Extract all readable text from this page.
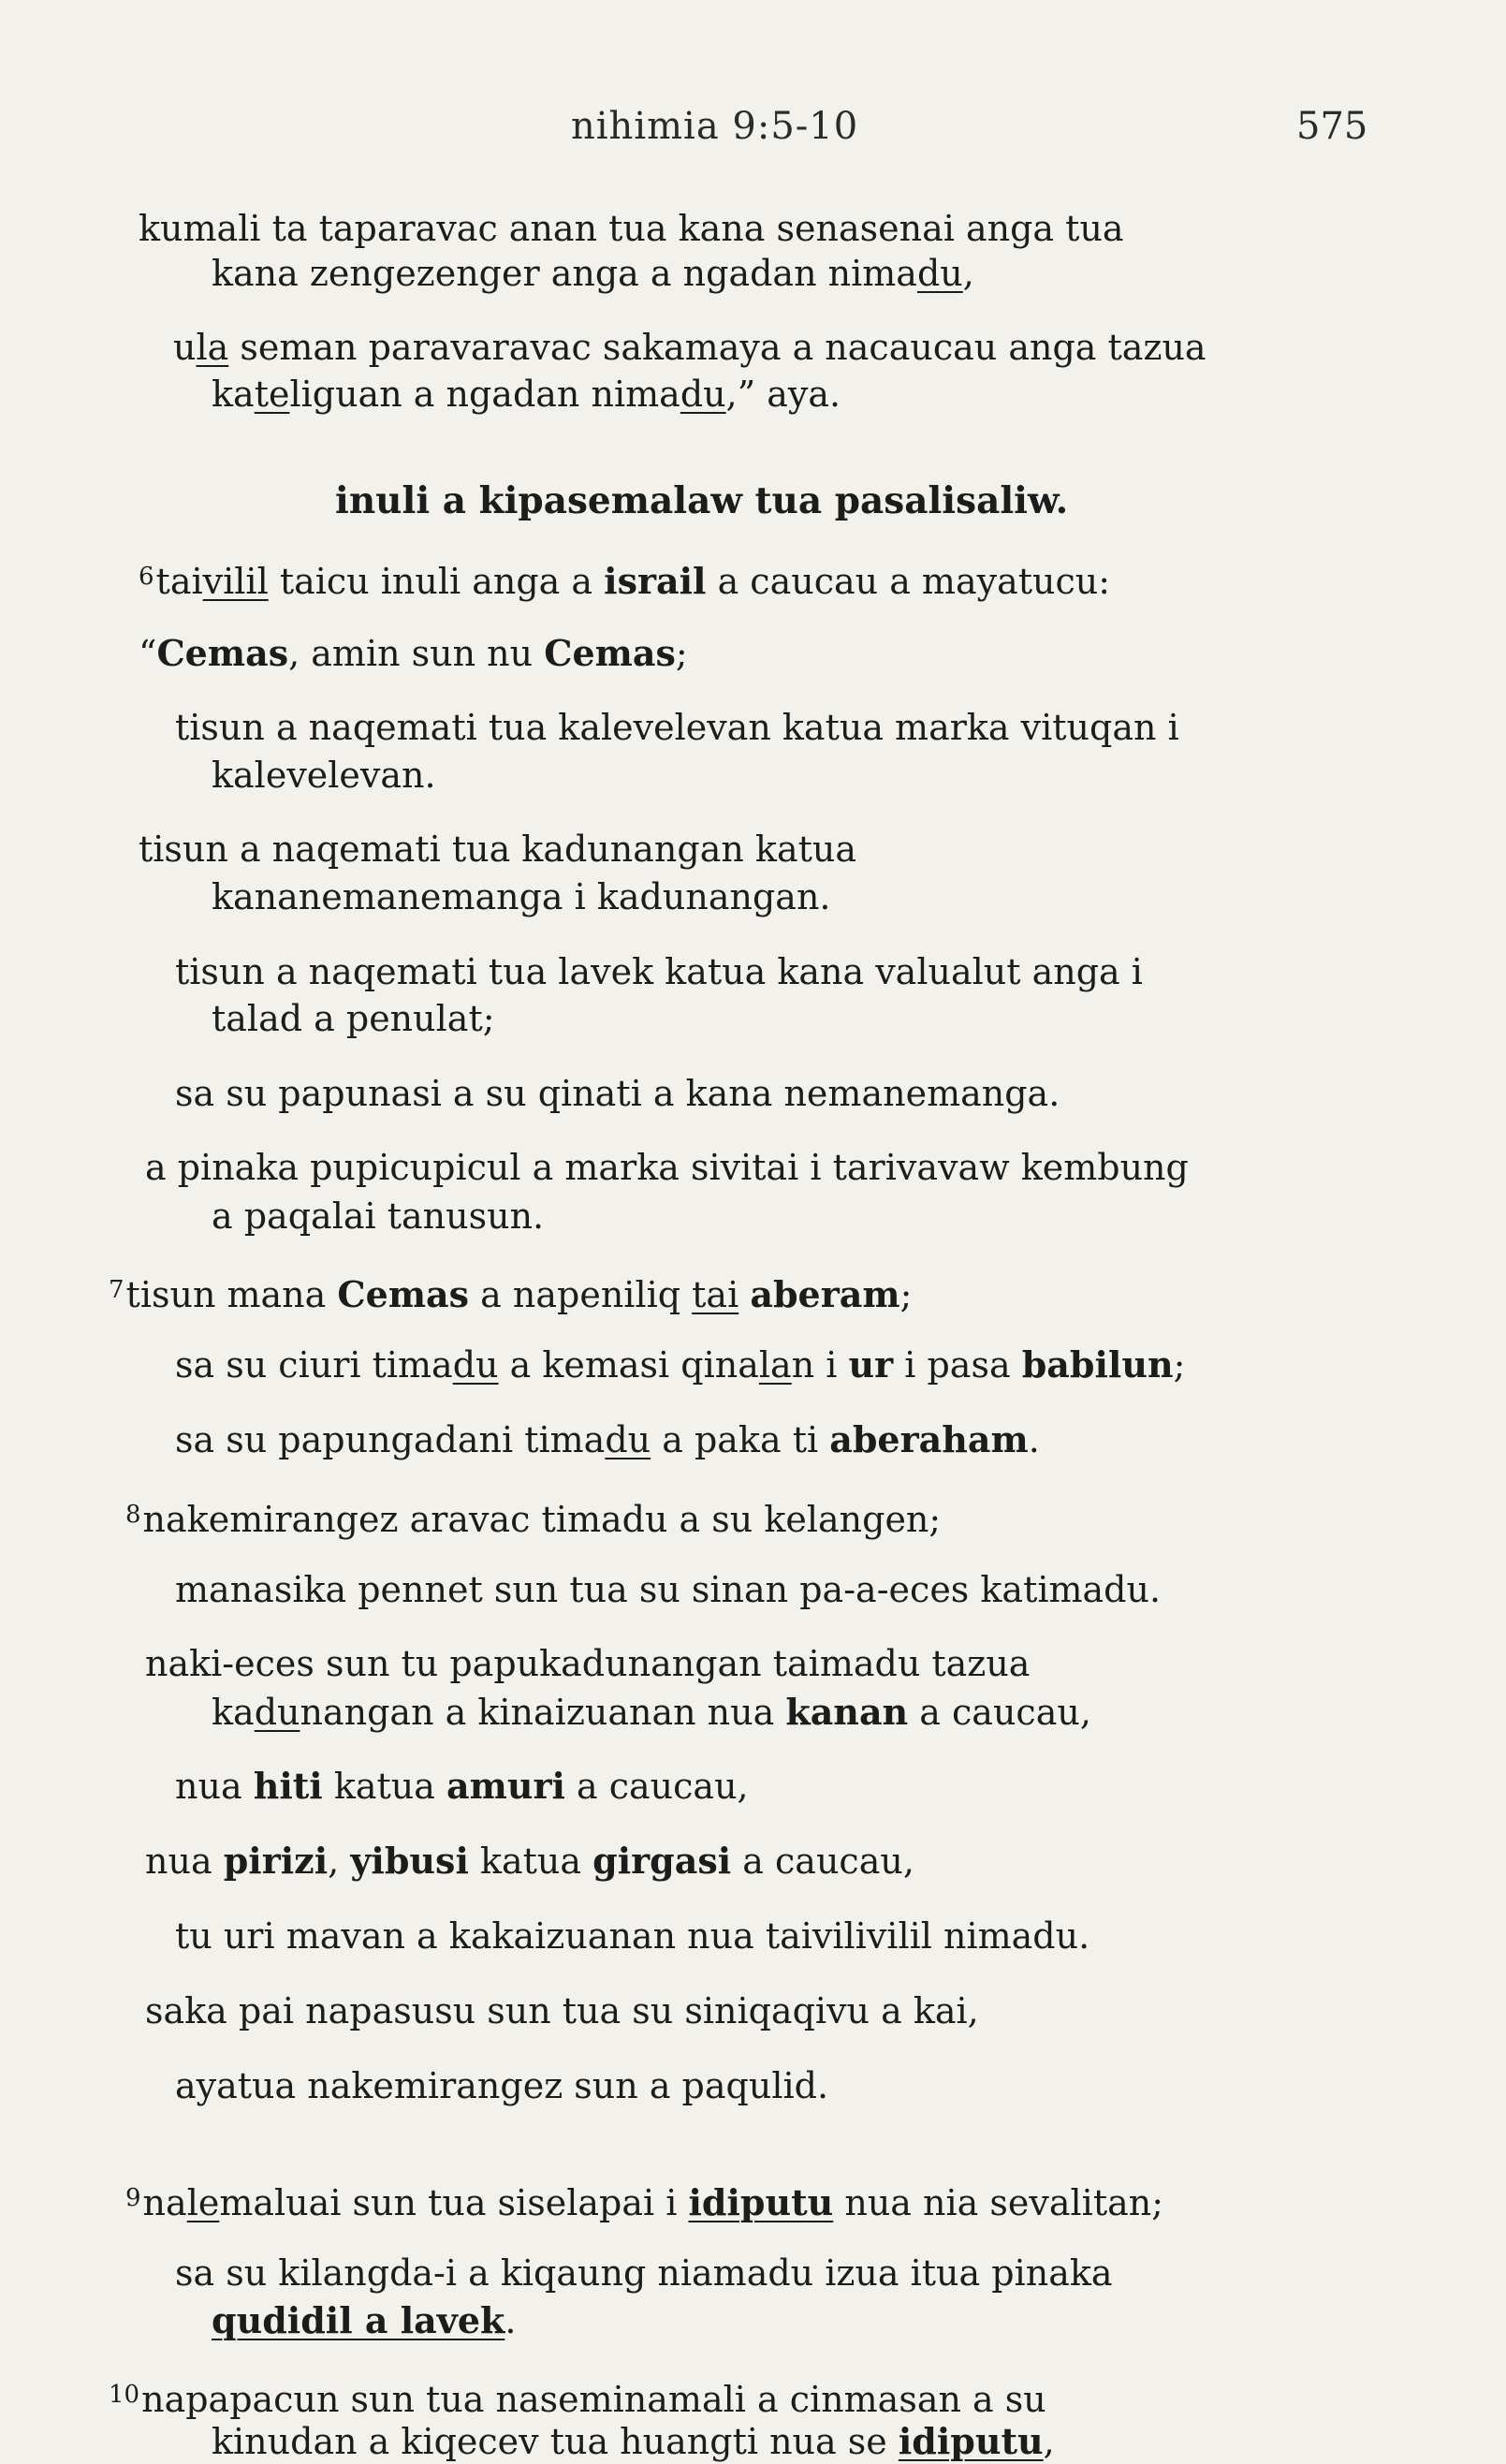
nihimia 9:5-10	575
kumali ta taparavac anan tua kana senasenai anga tua
kana zengezenger anga a ngadan nimadu,
ula seman paravaravac sakamaya a nacaucau anga tazua
kateliguan a ngadan nimadu,” aya.
inuli a kipasemalaw tua pasalisaliw.
$^6$taivilil taicu inuli anga a israil a caucau a mayatucu:
“Cemas, amin sun nu Cemas;
tisun a naqemati tua kalevelevan katua marka vituqan i
kalevelevan.
tisun a naqemati tua kadunangan katua
kananemanemanga i kadunangan.
tisun a naqemati tua lavek katua kana valualut anga i
talad a penulat;
sa su papunasi a su qinati a kana nemanemanga.
a pinaka pupicupicul a marka sivitai i tarivavaw kembung
a paqalai tanusun.
$^7$tisun mana Cemas a napeniliq tai aberam;
sa su ciuri timadu a kemasi qinalan i ur i pasa babilun;
sa su papungadani timadu a paka ti aberaham.
$^8$nakemirangez aravac timadu a su kelangen;
manasika pennet sun tua su sinan pa-a-eces katimadu.
naki-eces sun tu papukadunangan taimadu tazua
kadunangan a kinaizuanan nua kanan a caucau,
nua hiti katua amuri a caucau,
nua pirizi, yibusi katua girgasi a caucau,
tu uri mavan a kakaizuanan nua taivilivilil nimadu.
saka pai napasusu sun tua su siniqaqivu a kai,
ayatua nakemirangez sun a paqulid.
$^9$nalemaluai sun tua siselapai i idiputu nua nia sevalitan;
sa su kilangda-i a kiqaung niamadu izua itua pinaka
qudidil a lavek.
$^{10}$napapacun sun tua naseminamali a cinmasan a su
kinudan a kiqecev tua huangti nua se idiputu,
